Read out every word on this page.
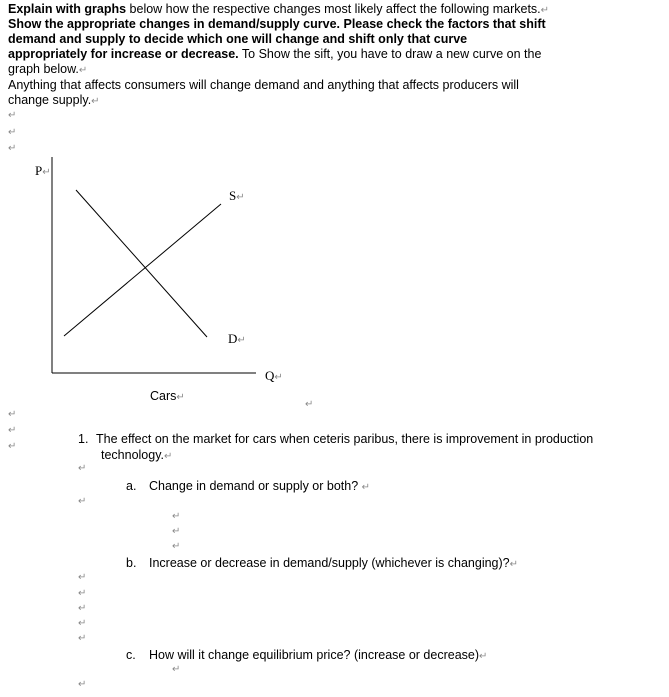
Explain with graphs below how the respective changes most likely affect the following markets.↵
Show the appropriate changes in demand/supply curve. Please check the factors that shift
demand and supply to decide which one will change and shift only that curve
appropriately for increase or decrease. To Show the sift, you have to draw a new curve on the
graph below.↵
Anything that affects consumers will change demand and anything that affects producers will
change supply.↵
↵
↵
↵
P↵
S↵
D↵
Q↵
Cars↵
↵
↵
↵
↵
1. The effect on the market for cars when ceteris paribus, there is improvement in production
technology.↵
↵
a. Change in demand or supply or both? ↵
↵
↵
↵
↵
b. Increase or decrease in demand/supply (whichever is changing)?↵
↵
↵
↵
↵
↵
c. How will it change equilibrium price? (increase or decrease)↵
↵
↵
